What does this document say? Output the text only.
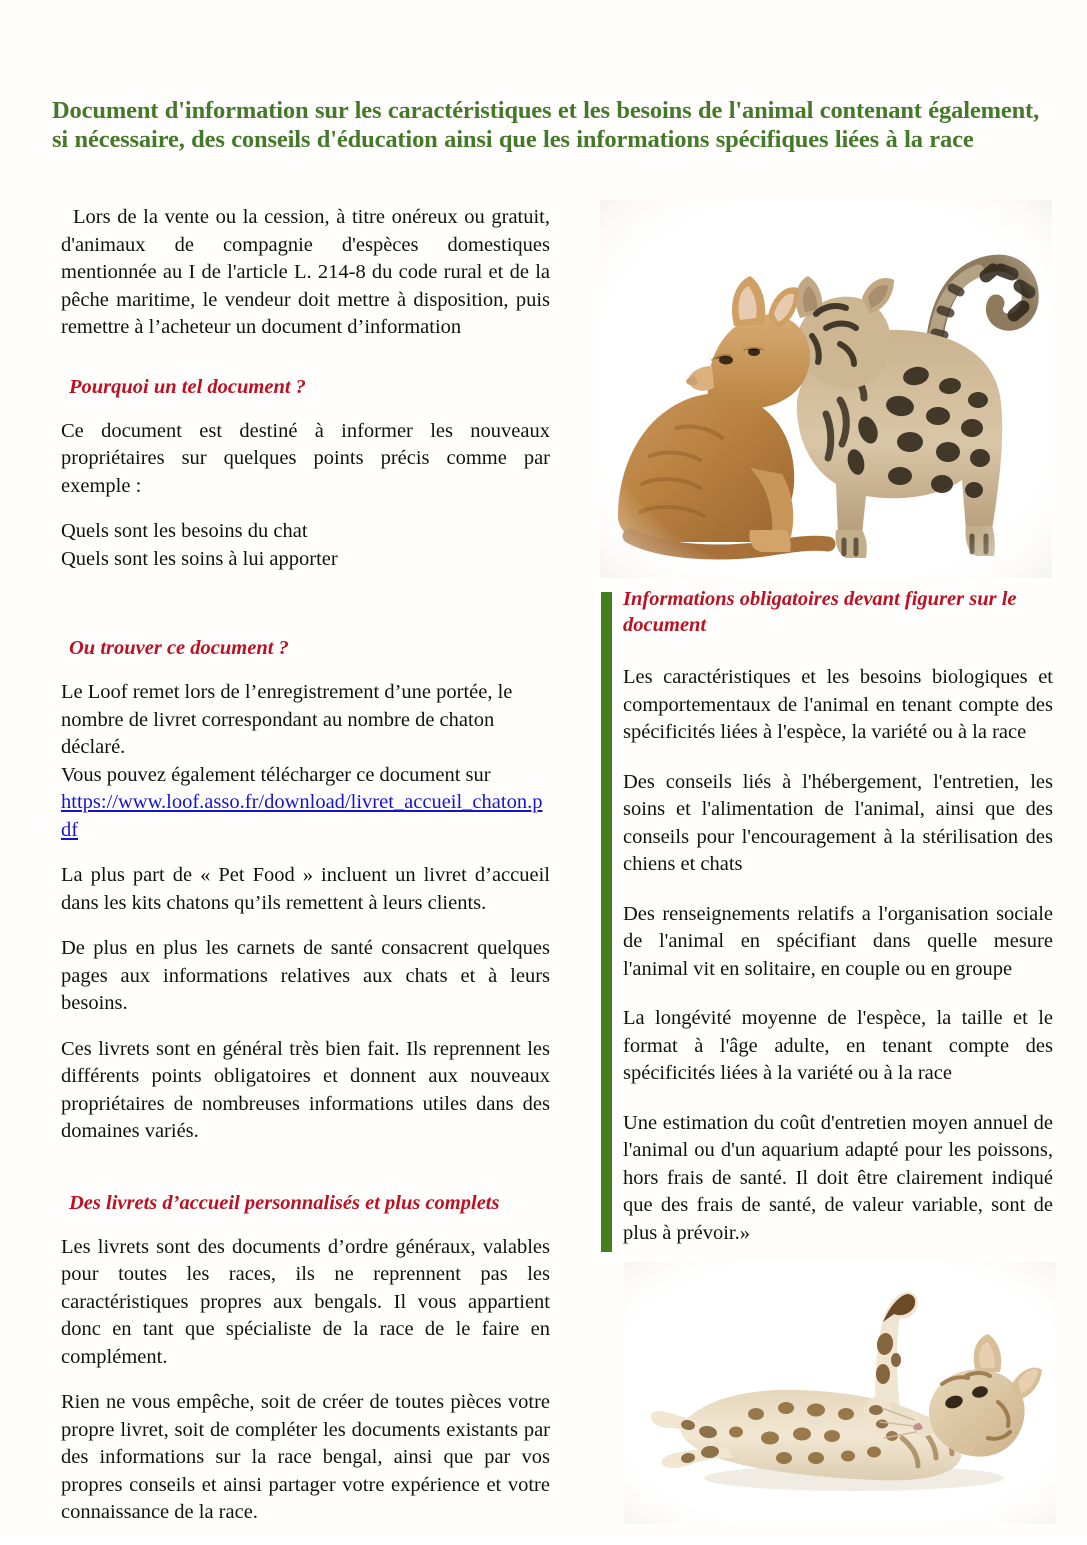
Document d'information sur les caractéristiques et les besoins de l'animal contenant également, si nécessaire, des conseils d'éducation ainsi que les informations spécifiques liées à la race

Lors de la vente ou la cession, à titre onéreux ou gratuit, d'animaux de compagnie d'espèces domestiques mentionnée au I de l'article L. 214-8 du code rural et de la pêche maritime, le vendeur doit mettre à disposition, puis remettre à l’acheteur un document d’information

Pourquoi un tel document ?

Ce document est destiné à informer les nouveaux propriétaires sur quelques points précis comme par exemple :

Quels sont les besoins du chat

Quels sont les soins à lui apporter

Ou trouver ce document ?

Le Loof remet lors de l’enregistrement d’une portée, le nombre de livret correspondant au nombre de chaton déclaré.

Vous pouvez également télécharger ce document sur

https://www.loof.asso.fr/download/livret_accueil_chaton.pdf

La plus part de « Pet Food » incluent un livret d’accueil dans les kits chatons qu’ils remettent à leurs clients.

De plus en plus les carnets de santé consacrent quelques pages aux informations relatives aux chats et à leurs besoins.

Ces livrets sont en général très bien fait. Ils reprennent les différents points obligatoires et donnent aux nouveaux propriétaires de nombreuses informations utiles dans des domaines variés.

Des livrets d’accueil personnalisés et plus complets

Les livrets sont des documents d’ordre généraux, valables pour toutes les races, ils ne reprennent pas les caractéristiques propres aux bengals. Il vous appartient donc en tant que spécialiste de la race de le faire en complément.

Rien ne vous empêche, soit de créer de toutes pièces votre propre livret, soit de compléter les documents existants par des informations sur la race bengal, ainsi que par vos propres conseils et ainsi partager votre expérience et votre connaissance de la race.

Informations obligatoires devant figurer sur le document

Les caractéristiques et les besoins biologiques et comportementaux de l'animal en tenant compte des spécificités liées à l'espèce, la variété ou à la race

Des conseils liés à l'hébergement, l'entretien, les soins et l'alimentation de l'animal, ainsi que des conseils pour l'encouragement à la stérilisation des chiens et chats

Des renseignements relatifs a l'organisation sociale de l'animal en spécifiant dans quelle mesure l'animal vit en solitaire, en couple ou en groupe

La longévité moyenne de l'espèce, la taille et le format à l'âge adulte, en tenant compte des spécificités liées à la variété ou à la race

Une estimation du coût d'entretien moyen annuel de l'animal ou d'un aquarium adapté pour les poissons, hors frais de santé. Il doit être clairement indiqué que des frais de santé, de valeur variable, sont de plus à prévoir.»
